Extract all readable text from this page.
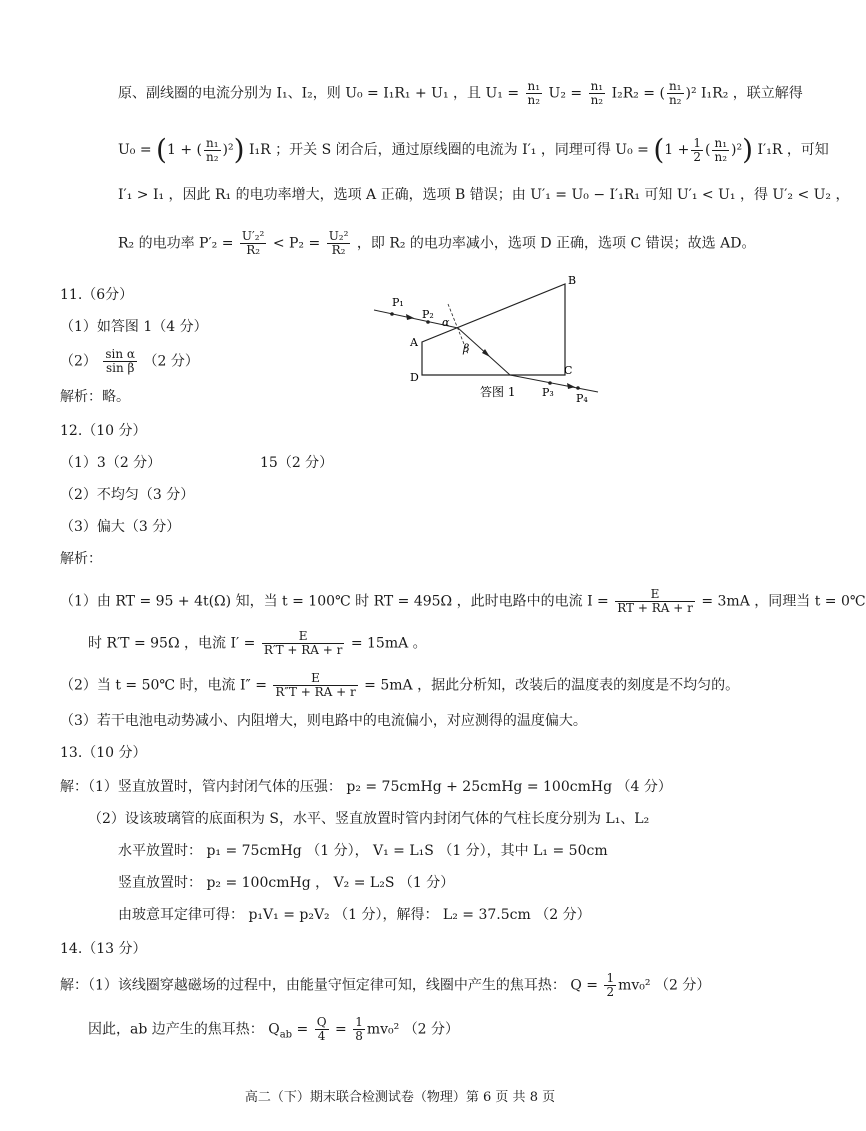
原、副线圈的电流分别为 I₁、I₂，则 U₀ = I₁R₁ + U₁ ，且 $U_1 = \frac{\text{n₁}}{\text{n₂}} U_2 = \frac{\text{n₁}}{\text{n₂}} I_2R_2$ = ( $\frac{\text{n₁}}{\text{n₂}} )^2$ I₁R₂ ，联立解得
U₀ = (1 + ( $\frac{\text{n₁}}{\text{n₂}} )^2$) I₁R ；开关 S 闭合后，通过原线圈的电流为 I′₁ ，同理可得 $U_0 = (1 + \frac{1}{2}$ ( $\frac{\text{n₁}}{\text{n₂}} )^2$) I′₁R ，可知
I′₁ > I₁ ，因此 R₁ 的电功率增大，选项 A 正确，选项 B 错误；由 U′₁ = U₀ − I′₁R₁ 可知 U′₁ < U₁ ，得 U′₂ < U₂ ，
R₂ 的电功率 $P'_2 = \frac{\text{U′₂²}}{\text{R₂}} < P_2 = \frac{\text{U₂²}}{\text{R₂}}$ ，即 R₂ 的电功率减小，选项 D 正确，选项 C 错误；故选 AD。
11.（6分）
（1）如答图 1（4 分）
$(2) \frac{\text{sin α}}{\text{sin β}} (2$ 分）
解析：略。
P₁
P₂
P₃ P₄
A
B
C
D
α
β
答图 1
12.（10 分）
（1）3（2 分）	15（2 分）
（2）不均匀（3 分）
（3）偏大（3 分）
解析：
（1）由 RT = 95 + 4t(Ω) 知，当 t = 100℃ 时 RT = 495Ω ，此时电路中的电流 $I = \frac{E}{RT + RA + r} = 3mA$ ，同理当 t = 0℃
时 R′T = 95Ω ，电流 $I' = \frac{E}{R'T + RA + r} = 15mA$ 。
（2）当 t = 50℃ 时，电流 $I'' = \frac{E}{R''T + RA + r} = 5mA$ ，据此分析知，改装后的温度表的刻度是不均匀的。
（3）若干电池电动势减小、内阻增大，则电路中的电流偏小，对应测得的温度偏大。
13.（10 分）
解：（1）竖直放置时，管内封闭气体的压强： p₂ = 75cmHg + 25cmHg = 100cmHg （4 分）
（2）设该玻璃管的底面积为 S，水平、竖直放置时管内封闭气体的气柱长度分别为 L₁、L₂
水平放置时： p₁ = 75cmHg （1 分）， V₁ = L₁S （1 分），其中 L₁ = 50cm
竖直放置时： p₂ = 100cmHg ， V₂ = L₂S （1 分）
由玻意耳定律可得： p₁V₁ = p₂V₂ （1 分），解得： L₂ = 37.5cm （2 分）
14.（13 分）
解：（1）该线圈穿越磁场的过程中，由能量守恒定律可知，线圈中产生的焦耳热： $Q = \frac{1}{2} mv_0^2$ （2 分）
因此，ab 边产生的焦耳热： $Q_{ab} = \frac{Q}{4} = \frac{1}{8} mv_0^2$ （2 分）
高二（下）期末联合检测试卷（物理）第 6 页 共 8 页
